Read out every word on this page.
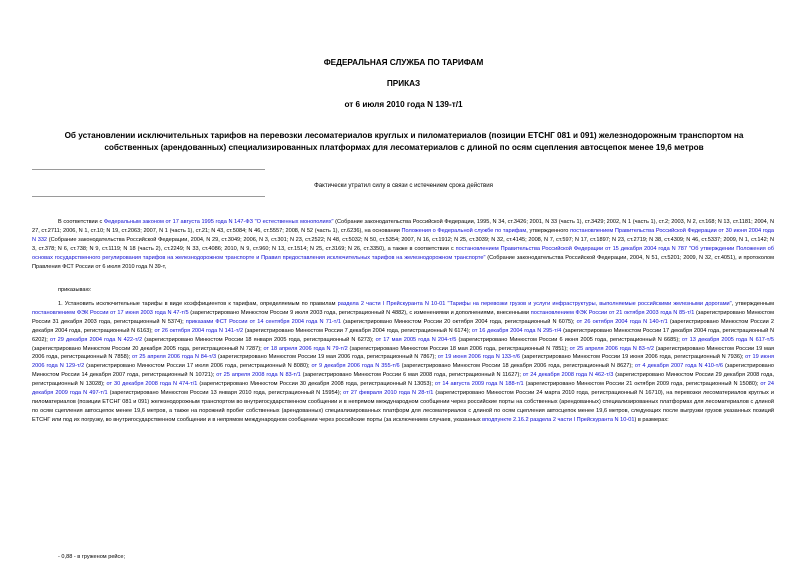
ФЕДЕРАЛЬНАЯ СЛУЖБА ПО ТАРИФАМ
ПРИКАЗ
от 6 июля 2010 года N 139-т/1
Об установлении исключительных тарифов на перевозки лесоматериалов круглых и пиломатериалов (позиции ЕТСНГ 081 и 091) железнодорожным транспортом на собственных (арендованных) специализированных платформах для лесоматериалов с длиной по осям сцепления автосцепок менее 19,6 метров
Фактически утратил силу в связи с истечением срока действия
В соответствии с Федеральным законом от 17 августа 1995 года N 147-ФЗ "О естественных монополиях" (Собрание законодательства Российской Федерации, 1995, N 34, ст.3426; 2001, N 33 (часть 1), ст.3429; 2002, N 1 (часть 1), ст.2; 2003, N 2, ст.168; N 13, ст.1181; 2004, N 27, ст.2711; 2006, N 1, ст.10; N 19, ст.2063; 2007, N 1 (часть 1), ст.21; N 43, ст.5084; N 46, ст.5557; 2008, N 52 (часть 1), ст.6236), на основании Положения о Федеральной службе по тарифам, утвержденного постановлением Правительства Российской Федерации от 30 июня 2004 года N 332 (Собрание законодательства Российской Федерации, 2004, N 29, ст.3049; 2006, N 3, ст.301; N 23, ст.2522; N 48, ст.5032; N 50, ст.5354; 2007, N 16, ст.1912; N 25, ст.3039; N 32, ст.4145; 2008, N 7, ст.597; N 17, ст.1897; N 23, ст.2719; N 38, ст.4309; N 46, ст.5337; 2009, N 1, ст.142; N 3, ст.378; N 6, ст.738; N 9, ст.1119; N 18 (часть 2), ст.2249; N 33, ст.4086; 2010, N 9, ст.960; N 13, ст.1514; N 25, ст.3169; N 26, ст.3350), а также в соответствии с постановлением Правительства Российской Федерации от 15 декабря 2004 года N 787 "Об утверждении Положения об основах государственного регулирования тарифов на железнодорожном транспорте и Правил предоставления исключительных тарифов на железнодорожном транспорте" (Собрание законодательства Российской Федерации, 2004, N 51, ст.5201; 2009, N 32, ст.4051), и протоколом Правления ФСТ России от 6 июля 2010 года N 39-т,
приказываю:
1. Установить исключительные тарифы в виде коэффициентов к тарифам, определяемым по правилам раздела 2 части I Прейскуранта N 10-01 "Тарифы на перевозки грузов и услуги инфраструктуры, выполняемые российскими железными дорогами", утвержденным постановлением ФЭК России от 17 июня 2003 года N 47-т/5 (зарегистрировано Минюстом России 9 июля 2003 года, регистрационный N 4882), с изменениями и дополнениями, внесенными постановлением ФЭК России от 21 октября 2003 года N 85-т/1 (зарегистрировано Минюстом России 31 декабря 2003 года, регистрационный N 5374); приказами ФСТ России от 14 сентября 2004 года N 71-т/1 (зарегистрировано Минюстом России 20 октября 2004 года, регистрационный N 6075); от 26 октября 2004 года N 140-т/1 (зарегистрировано Минюстом России 2 декабря 2004 года, регистрационный N 6163); от 26 октября 2004 года N 141-т/2 (зарегистрировано Минюстом России 7 декабря 2004 года, регистрационный N 6174); от 16 декабря 2004 года N 295-т/4 (зарегистрировано Минюстом России 17 декабря 2004 года, регистрационный N 6202); от 29 декабря 2004 года N 422-т/2 (зарегистрировано Минюстом России 18 января 2005 года, регистрационный N 6273); от 17 мая 2005 года N 204-т/5 (зарегистрировано Минюстом России 6 июня 2005 года, регистрационный N 6685); от 13 декабря 2005 года N 617-т/5 (зарегистрировано Минюстом России 20 декабря 2005 года, регистрационный N 7287); от 18 апреля 2006 года N 79-т/2 (зарегистрировано Минюстом России 18 мая 2006 года, регистрационный N 7851); от 25 апреля 2006 года N 83-т/2 (зарегистрировано Минюстом России 19 мая 2006 года, регистрационный N 7858); от 25 апреля 2006 года N 84-т/3 (зарегистрировано Минюстом России 19 мая 2006 года, регистрационный N 7867); от 19 июня 2006 года N 133-т/6 (зарегистрировано Минюстом России 19 июня 2006 года, регистрационный N 7936); от 19 июня 2006 года N 129-т/2 (зарегистрировано Минюстом России 17 июля 2006 года, регистрационный N 8080); от 9 декабря 2006 года N 355-т/6 (зарегистрировано Минюстом России 18 декабря 2006 года, регистрационный N 8627); от 4 декабря 2007 года N 410-т/6 (зарегистрировано Минюстом России 14 декабря 2007 года, регистрационный N 10721); от 25 апреля 2008 года N 83-т/1 (зарегистрировано Минюстом России 6 мая 2008 года, регистрационный N 11627); от 24 декабря 2008 года N 462-т/3 (зарегистрировано Минюстом России 29 декабря 2008 года, регистрационный N 13028); от 30 декабря 2008 года N 474-т/1 (зарегистрировано Минюстом России 30 декабря 2008 года, регистрационный N 13053); от 14 августа 2009 года N 188-т/1 (зарегистрировано Минюстом России 21 октября 2009 года, регистрационный N 15080); от 24 декабря 2009 года N 497-т/1 (зарегистрировано Минюстом России 13 января 2010 года, регистрационный N 15954); от 27 февраля 2010 года N 28-т/1 (зарегистрировано Минюстом России 24 марта 2010 года, регистрационный N 16710), на перевозки лесоматериалов круглых и пиломатериалов (позиции ЕТСНГ 081 и 091) железнодорожным транспортом во внутригосударственном сообщении и в непрямом международном сообщении через российские порты на собственных (арендованных) специализированных платформах для лесоматериалов с длиной по осям сцепления автосцепок менее 19,6 метров, а также на порожний пробег собственных (арендованных) специализированных платформ для лесоматериалов с длиной по осям сцепления автосцепок менее 19,6 метров, следующих после выгрузки грузов указанных позиций ЕТСНГ или под их погрузку, во внутригосударственном сообщении и в непрямом международном сообщении через российские порты (за исключением случаев, указанных вподпункте 2.16.2 раздела 2 части I Прейскуранта N 10-01) в размерах:
- 0,88 - в груженом рейсе;
